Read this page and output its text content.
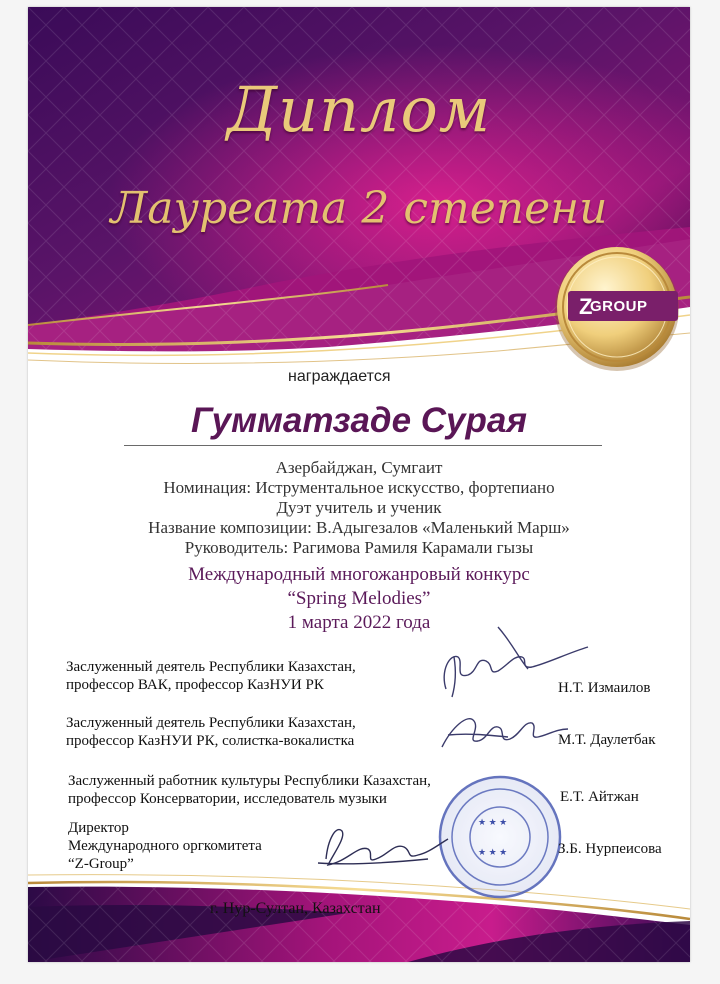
Z
★ ★ ★
★ ★ ★
Диплом
Лауреата 2 степени
GROUP
награждается
Гумматзаде Сурая
Азербайджан, Сумгаит
Номинация: Иструментальное искусство, фортепиано
Дуэт учитель и ученик
Название композиции: В.Адыгезалов «Маленький Марш»
Руководитель: Рагимова Рамиля Карамали гызы
Международный многожанровый конкурс
“Spring Melodies”
1 марта 2022 года
Заслуженный деятель Республики Казахстан,
профессор ВАК, профессор КазНУИ РК	Н.Т. Измаилов
Заслуженный деятель Республики Казахстан,
профессор КазНУИ РК, солистка-вокалистка	М.Т. Даулетбак
Заслуженный работник культуры Республики Казахстан,
профессор Консерватории, исследователь музыки	Е.Т. Айтжан
Директор
Международного оргкомитета
“Z-Group”
З.Б. Нурпеисова
г. Нур-Султан, Казахстан
